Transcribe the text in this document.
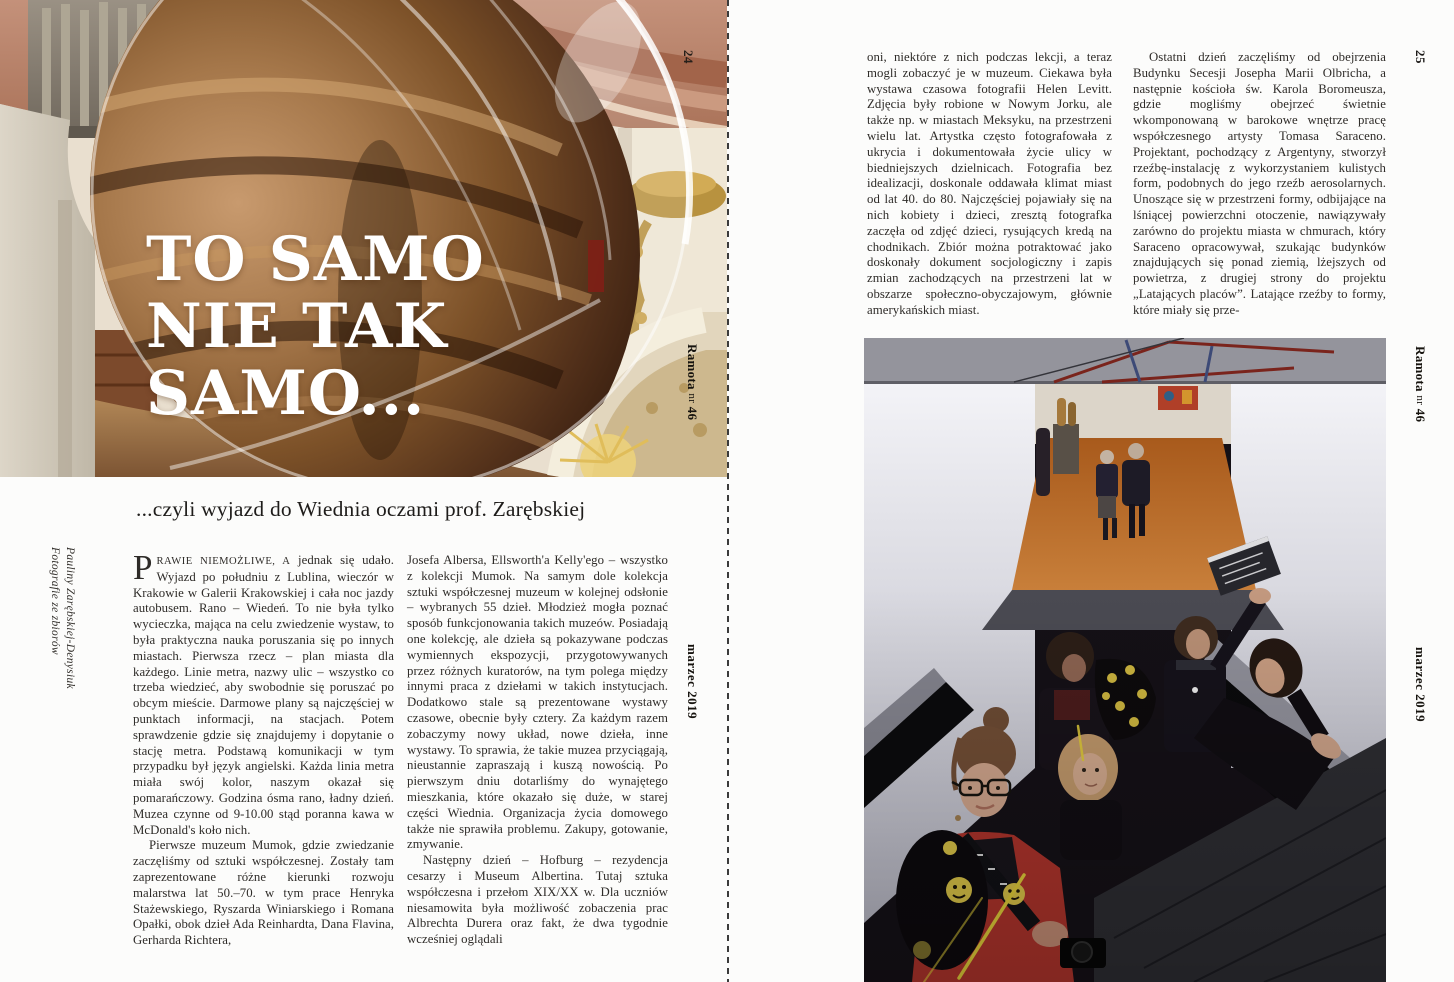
TO SAMO
NIE TAK
SAMO...
...czyli wyjazd do Wiednia oczami prof. Zarębskiej
24
Ramota nr 46
marzec 2019
Fotografie ze zbiorów Pauliny Zarębskiej-Denysiuk PRAWIE NIEMOŻLIWE, A jednak się udało. Wyjazd po południu z Lublina, wieczór w Krakowie w Galerii Krakowskiej i cała noc jazdy autobusem. Rano – Wiedeń. To nie była tylko wycieczka, mająca na celu zwiedzenie wystaw, to była praktyczna nauka poruszania się po innych miastach. Pierwsza rzecz – plan miasta dla każdego. Linie metra, nazwy ulic – wszystko co trzeba wiedzieć, aby swobodnie się poruszać po obcym mieście. Darmowe plany są najczęściej w punktach informacji, na stacjach. Potem sprawdzenie gdzie się znajdujemy i dopytanie o stację metra. Podstawą komunikacji w tym przypadku był język angielski. Każda linia metra miała swój kolor, naszym okazał się pomarańczowy. Godzina ósma rano, ładny dzień. Muzea czynne od 9-10.00 stąd poranna kawa w McDonald's koło nich.

Pierwsze muzeum Mumok, gdzie zwiedzanie zaczęliśmy od sztuki współczesnej. Zostały tam zaprezentowane różne kierunki rozwoju malarstwa lat 50.–70. w tym prace Henryka Stażewskiego, Ryszarda Winiarskiego i Romana Opałki, obok dzieł Ada Reinhardta, Dana Flavina, Gerharda Richtera,

Josefa Albersa, Ellsworth'a Kelly'ego – wszystko z kolekcji Mumok. Na samym dole kolekcja sztuki współczesnej muzeum w kolejnej odsłonie – wybranych 55 dzieł. Młodzież mogła poznać sposób funkcjonowania takich muzeów. Posiadają one kolekcję, ale dzieła są pokazywane podczas wymiennych ekspozycji, przygotowywanych przez różnych kuratorów, na tym polega między innymi praca z dziełami w takich instytucjach. Dodatkowo stale są prezentowane wystawy czasowe, obecnie były cztery. Za każdym razem zobaczymy nowy układ, nowe dzieła, inne wystawy. To sprawia, że takie muzea przyciągają, nieustannie zapraszają i kuszą nowością. Po pierwszym dniu dotarliśmy do wynajętego mieszkania, które okazało się duże, w starej części Wiednia. Organizacja życia domowego także nie sprawiła problemu. Zakupy, gotowanie, zmywanie.

Następny dzień – Hofburg – rezydencja cesarzy i Museum Albertina. Tutaj sztuka współczesna i przełom XIX/XX w. Dla uczniów niesamowita była możliwość zobaczenia prac Albrechta Durera oraz fakt, że dwa tygodnie wcześniej oglądali

oni, niektóre z nich podczas lekcji, a teraz mogli zobaczyć je w muzeum. Ciekawa była wystawa czasowa fotografii Helen Levitt. Zdjęcia były robione w Nowym Jorku, ale także np. w miastach Meksyku, na przestrzeni wielu lat. Artystka często fotografowała z ukrycia i dokumentowała życie ulicy w biedniejszych dzielnicach. Fotografia bez idealizacji, doskonale oddawała klimat miast od lat 40. do 80. Najczęściej pojawiały się na nich kobiety i dzieci, zresztą fotografka zaczęła od zdjęć dzieci, rysujących kredą na chodnikach. Zbiór można potraktować jako doskonały dokument socjologiczny i zapis zmian zachodzących na przestrzeni lat w obszarze społeczno-obyczajowym, głównie amerykańskich miast.

Ostatni dzień zaczęliśmy od obejrzenia Budynku Secesji Josepha Marii Olbricha, a następnie kościoła św. Karola Boromeusza, gdzie mogliśmy obejrzeć świetnie wkomponowaną w barokowe wnętrze pracę współczesnego artysty Tomasa Saraceno. Projektant, pochodzący z Argentyny, stworzył rzeźbę-instalację z wykorzystaniem kulistych form, podobnych do jego rzeźb aerosolarnych. Unoszące się w przestrzeni formy, odbijające na lśniącej powierzchni otoczenie, nawiązywały zarówno do projektu miasta w chmurach, który Saraceno opracowywał, szukając budynków znajdujących się ponad ziemią, lżejszych od powietrza, z drugiej strony do projektu „Latających placów”. Latające rzeźby to formy, które miały się prze-

25
Ramota nr 46
marzec 2019
